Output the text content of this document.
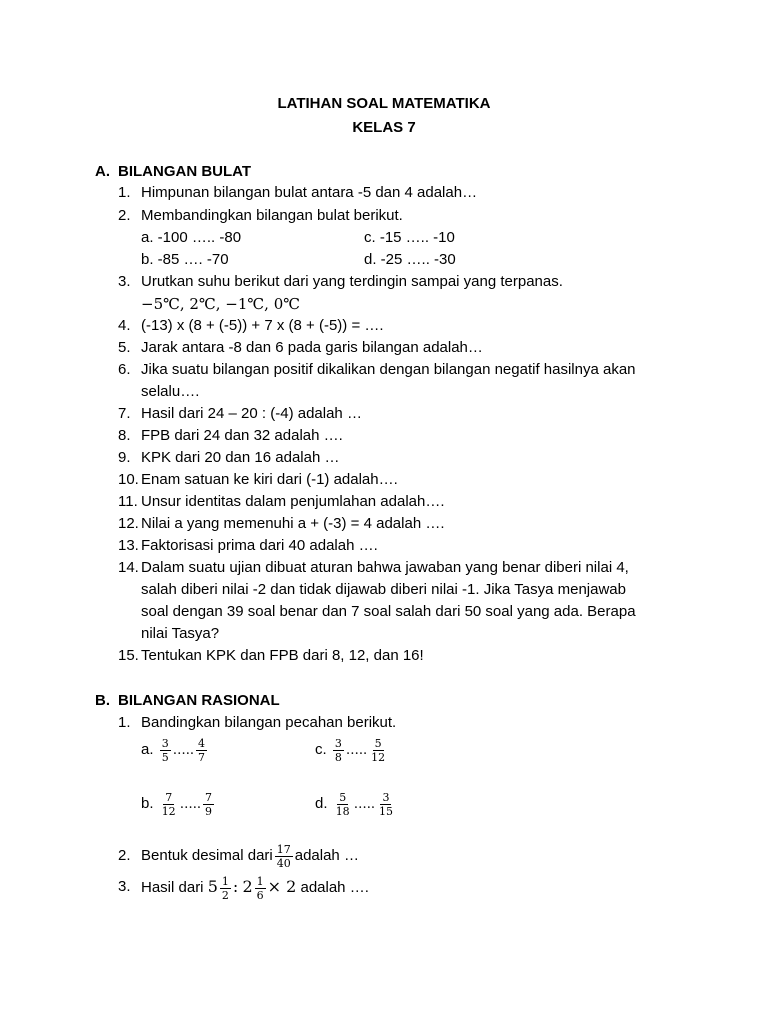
LATIHAN SOAL MATEMATIKA
KELAS 7
A. BILANGAN BULAT
1. Himpunan bilangan bulat antara -5 dan 4 adalah…
2. Membandingkan bilangan bulat berikut.
a. -100 ….. -80	c. -15 ….. -10
b. -85 …. -70	d. -25 ….. -30
3. Urutkan suhu berikut dari yang terdingin sampai yang terpanas.
−5℃, 2℃, −1℃, 0℃
4. (-13) x (8 + (-5)) + 7 x (8 + (-5)) = ….
5. Jarak antara -8 dan 6 pada garis bilangan adalah…
6. Jika suatu bilangan positif dikalikan dengan bilangan negatif hasilnya akan
selalu….
7. Hasil dari 24 – 20 : (-4) adalah …
8. FPB dari 24 dan 32 adalah ….
9. KPK dari 20 dan 16 adalah …
10. Enam satuan ke kiri dari (-1) adalah….
11. Unsur identitas dalam penjumlahan adalah….
12. Nilai a yang memenuhi a + (-3) = 4 adalah ….
13. Faktorisasi prima dari 40 adalah ….
14. Dalam suatu ujian dibuat aturan bahwa jawaban yang benar diberi nilai 4,
salah diberi nilai -2 dan tidak dijawab diberi nilai -1. Jika Tasya menjawab
soal dengan 39 soal benar dan 7 soal salah dari 50 soal yang ada. Berapa
nilai Tasya?
15. Tentukan KPK dan FPB dari 8, 12, dan 16!
B. BILANGAN RASIONAL
1. Bandingkan bilangan pecahan berikut.
a. $\frac{3}{5}$ ….. $\frac{4}{7}$	c. $\frac{3}{8}$ ….. $\frac{5}{12}$
b. $\frac{7}{12}$ ….. $\frac{7}{9}$	d. $\frac{5}{18}$ ….. $\frac{3}{15}$
2. Bentuk desimal dari $\frac{17}{40}$ adalah …
3. Hasil dari $5 \frac{1}{2}$ : $2 \frac{1}{6} \times 2$ adalah ….
